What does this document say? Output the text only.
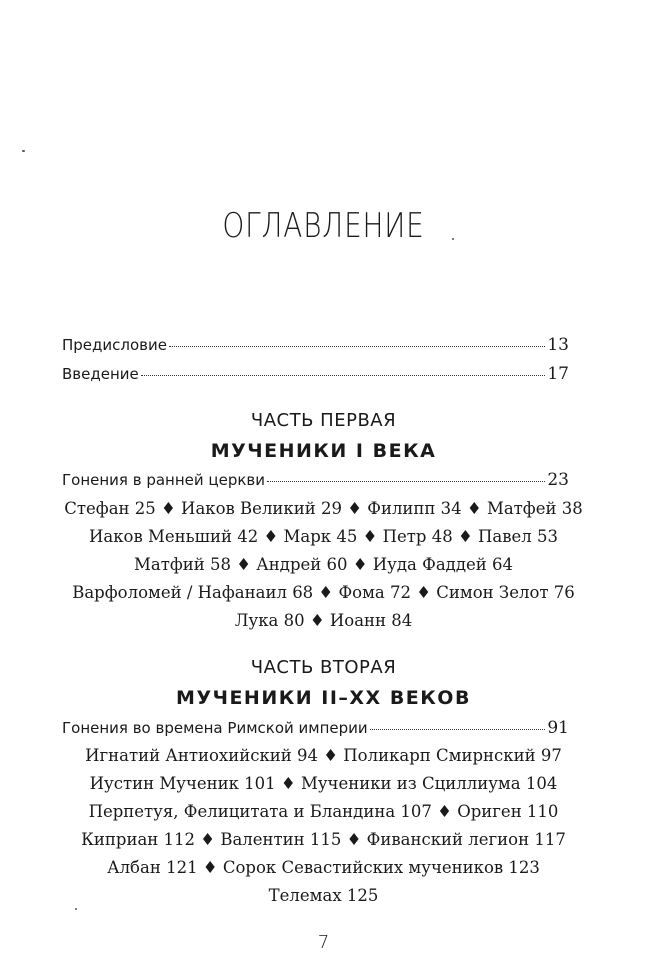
ОГЛАВЛЕНИЕ
Предисловие	13
Введение	17
ЧАСТЬ ПЕРВАЯ
МУЧЕНИКИ I ВЕКА
Гонения в ранней церкви	23
Стефан 25 ♦ Иаков Великий 29 ♦ Филипп 34 ♦ Матфей 38
Иаков Меньший 42 ♦ Марк 45 ♦ Петр 48 ♦ Павел 53
Матфий 58 ♦ Андрей 60 ♦ Иуда Фаддей 64
Варфоломей / Нафанаил 68 ♦ Фома 72 ♦ Симон Зелот 76
Лука 80 ♦ Иоанн 84
ЧАСТЬ ВТОРАЯ
МУЧЕНИКИ II–XX ВЕКОВ
Гонения во времена Римской империи	91
Игнатий Антиохийский 94 ♦ Поликарп Смирнский 97
Иустин Мученик 101 ♦ Мученики из Сциллиума 104
Перпетуя, Фелицитата и Бландина 107 ♦ Ориген 110
Киприан 112 ♦ Валентин 115 ♦ Фиванский легион 117
Албан 121 ♦ Сорок Севастийских мучеников 123
Телемах 125
7
